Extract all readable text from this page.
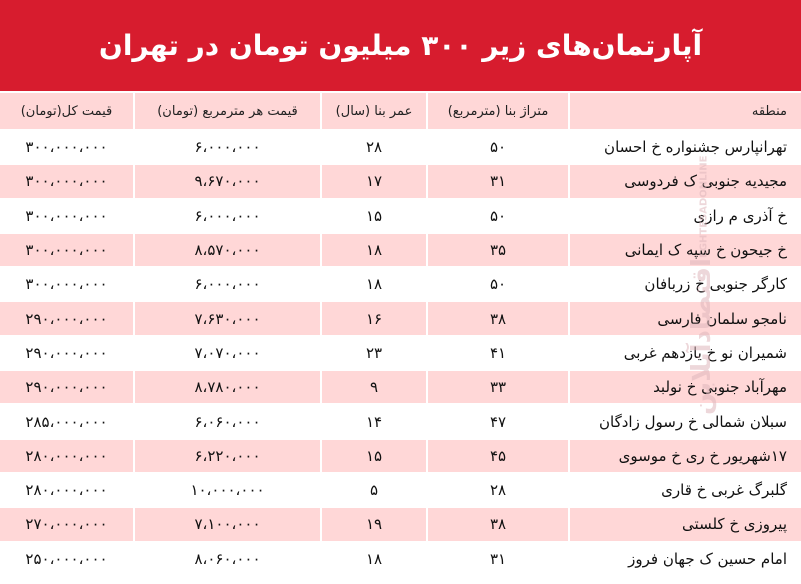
آپارتمان‌های زیر ۳۰۰ میلیون تومان در تهران
منطقه
متراژ بنا (مترمربع)
عمر بنا (سال)
قیمت هر مترمربع (تومان)
قیمت کل(تومان)
تهرانپارس جشنواره خ احسان
۵۰
۲۸
۶،۰۰۰،۰۰۰
۳۰۰،۰۰۰،۰۰۰
مجیدیه جنوبی ک فردوسی
۳۱
۱۷
۹،۶۷۰،۰۰۰
۳۰۰،۰۰۰،۰۰۰
خ آذری م رازی
۵۰
۱۵
۶،۰۰۰،۰۰۰
۳۰۰،۰۰۰،۰۰۰
خ جیحون خ سپه ک ایمانی
۳۵
۱۸
۸،۵۷۰،۰۰۰
۳۰۰،۰۰۰،۰۰۰
کارگر جنوبی خ زربافان
۵۰
۱۸
۶،۰۰۰،۰۰۰
۳۰۰،۰۰۰،۰۰۰
نامجو سلمان فارسی
۳۸
۱۶
۷،۶۳۰،۰۰۰
۲۹۰،۰۰۰،۰۰۰
شمیران نو خ یازدهم غربی
۴۱
۲۳
۷،۰۷۰،۰۰۰
۲۹۰،۰۰۰،۰۰۰
مهرآباد جنوبی خ نولبد
۳۳
۹
۸،۷۸۰،۰۰۰
۲۹۰،۰۰۰،۰۰۰
سبلان شمالی خ رسول زادگان
۴۷
۱۴
۶،۰۶۰،۰۰۰
۲۸۵،۰۰۰،۰۰۰
۱۷شهریور خ ری خ موسوی
۴۵
۱۵
۶،۲۲۰،۰۰۰
۲۸۰،۰۰۰،۰۰۰
گلبرگ غربی خ قاری
۲۸
۵
۱۰،۰۰۰،۰۰۰
۲۸۰،۰۰۰،۰۰۰
پیروزی خ کلستی
۳۸
۱۹
۷،۱۰۰،۰۰۰
۲۷۰،۰۰۰،۰۰۰
امام حسین ک جهان فروز
۳۱
۱۸
۸،۰۶۰،۰۰۰
۲۵۰،۰۰۰،۰۰۰
اقتصادآنلاین
EGHTESADONLINE
